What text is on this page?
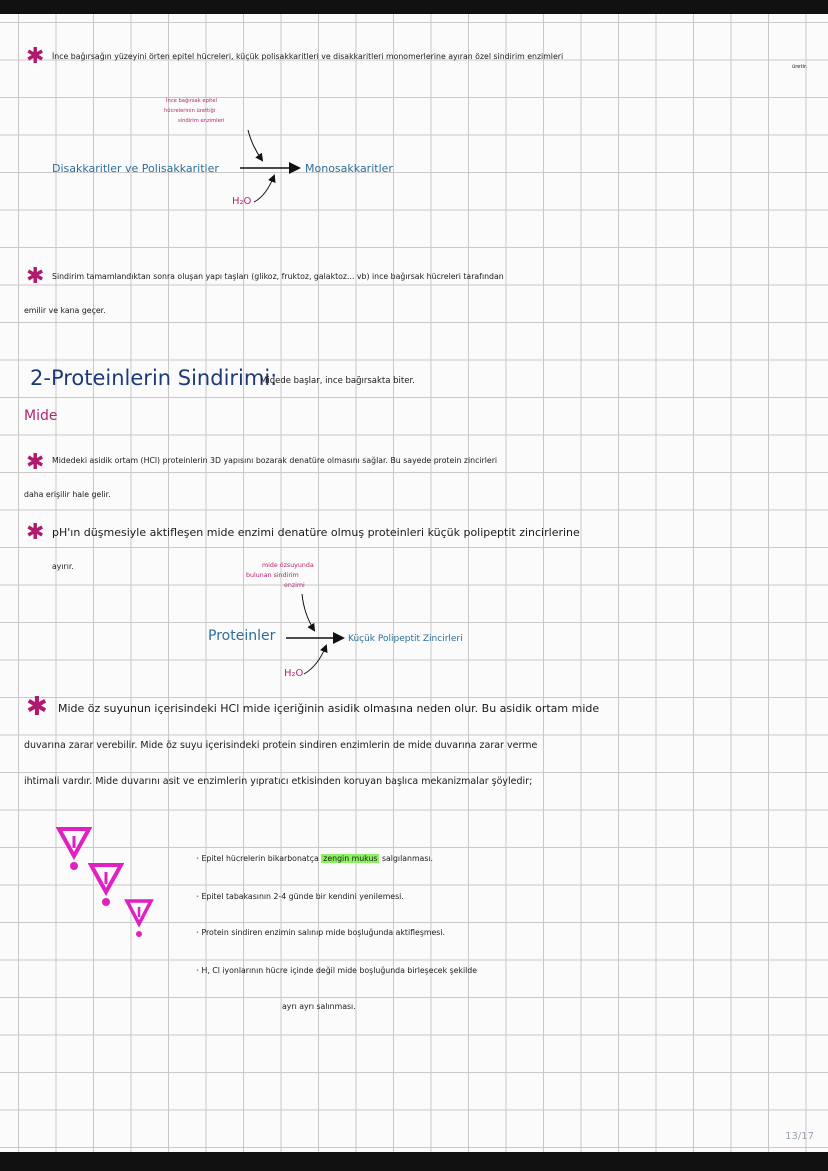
✱ İnce bağırsağın yüzeyini örten epitel hücreleri, küçük polisakkaritleri ve disakkaritleri monomerlerine ayıran özel sindirim enzimleri
üretir.
İnce bağırsak epitel
hücrelerinin ürettiği
sindirim enzimleri
Disakkaritler ve Polisakkaritler	Monosakkaritler
H₂O
✱ Sindirim tamamlandıktan sonra oluşan yapı taşları (glikoz, fruktoz, galaktoz... vb) ince bağırsak hücreleri tarafından
emilir ve kana geçer.
2-Proteinlerin Sindirimi:
Midede başlar, ince bağırsakta biter.
Mide
✱ Midedeki asidik ortam (HCl) proteinlerin 3D yapısını bozarak denatüre olmasını sağlar. Bu sayede protein zincirleri
daha erişilir hale gelir.
✱ pH'ın düşmesiyle aktifleşen mide enzimi denatüre olmuş proteinleri küçük polipeptit zincirlerine
ayırır.	mide özsuyunda
bulunan sindirim
enzimi
Proteinler	Küçük Polipeptit Zincirleri
H₂O
✱ Mide öz suyunun içerisindeki HCl mide içeriğinin asidik olmasına neden olur. Bu asidik ortam mide
duvarına zarar verebilir. Mide öz suyu içerisindeki protein sindiren enzimlerin de mide duvarına zarar verme
ihtimali vardır. Mide duvarını asit ve enzimlerin yıpratıcı etkisinden koruyan başlıca mekanizmalar şöyledir;
· Epitel hücrelerin bikarbonatça zengin mukus salgılanması.
· Epitel tabakasının 2-4 günde bir kendini yenilemesi.
· Protein sindiren enzimin salınıp mide boşluğunda aktifleşmesi.
· H, Cl iyonlarının hücre içinde değil mide boşluğunda birleşecek şekilde
ayrı ayrı salınması.
13/17
